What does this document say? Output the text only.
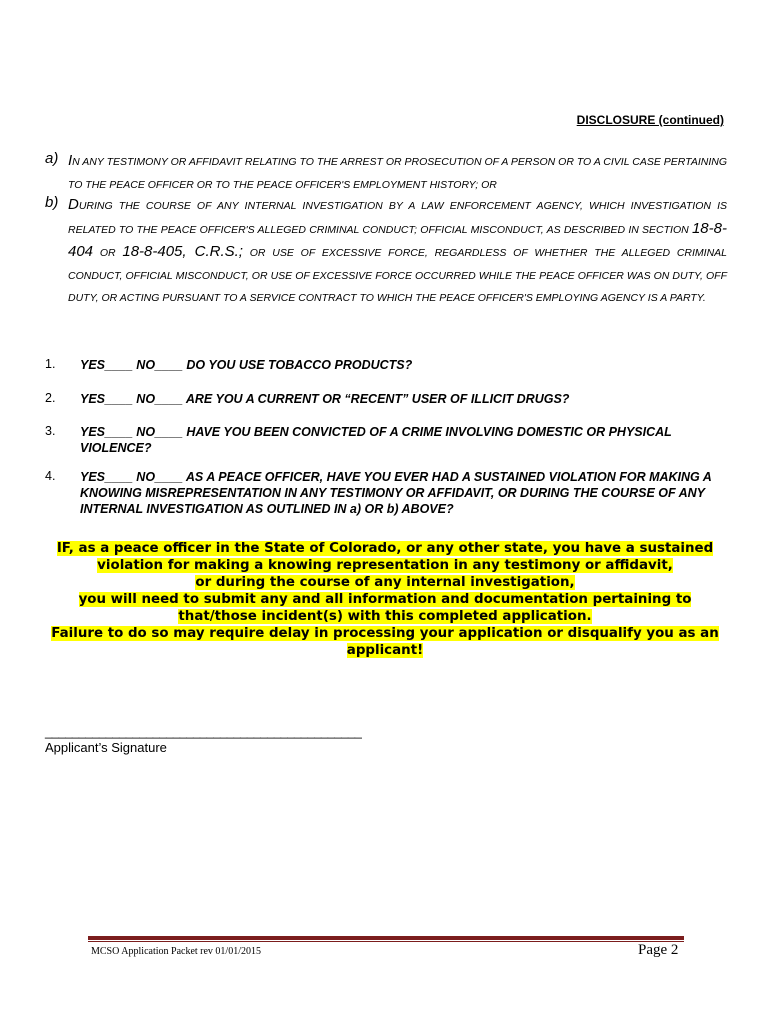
DISCLOSURE (continued)
a) IN ANY TESTIMONY OR AFFIDAVIT RELATING TO THE ARREST OR PROSECUTION OF A PERSON OR TO A CIVIL CASE PERTAINING TO THE PEACE OFFICER OR TO THE PEACE OFFICER'S EMPLOYMENT HISTORY; OR
b) DURING THE COURSE OF ANY INTERNAL INVESTIGATION BY A LAW ENFORCEMENT AGENCY, WHICH INVESTIGATION IS RELATED TO THE PEACE OFFICER'S ALLEGED CRIMINAL CONDUCT; OFFICIAL MISCONDUCT, AS DESCRIBED IN SECTION 18-8-404 OR 18-8-405, C.R.S.; OR USE OF EXCESSIVE FORCE, REGARDLESS OF WHETHER THE ALLEGED CRIMINAL CONDUCT, OFFICIAL MISCONDUCT, OR USE OF EXCESSIVE FORCE OCCURRED WHILE THE PEACE OFFICER WAS ON DUTY, OFF DUTY, OR ACTING PURSUANT TO A SERVICE CONTRACT TO WHICH THE PEACE OFFICER'S EMPLOYING AGENCY IS A PARTY.
1. YES____ NO____ DO YOU USE TOBACCO PRODUCTS?
2. YES____ NO____ ARE YOU A CURRENT OR “RECENT” USER OF ILLICIT DRUGS?
3. YES____ NO____ HAVE YOU BEEN CONVICTED OF A CRIME INVOLVING DOMESTIC OR PHYSICAL VIOLENCE?
4. YES____ NO____ AS A PEACE OFFICER, HAVE YOU EVER HAD A SUSTAINED VIOLATION FOR MAKING A KNOWING MISREPRESENTATION IN ANY TESTIMONY OR AFFIDAVIT, OR DURING THE COURSE OF ANY INTERNAL INVESTIGATION AS OUTLINED IN a) OR b) ABOVE?
IF, as a peace officer in the State of Colorado, or any other state, you have a sustained
violation for making a knowing representation in any testimony or affidavit,
or during the course of any internal investigation,
you will need to submit any and all information and documentation pertaining to
that/those incident(s) with this completed application.
Failure to do so may require delay in processing your application or disqualify you as an
applicant!
_______________________________________________
Applicant’s Signature
MCSO Application Packet rev 01/01/2015	Page 2
